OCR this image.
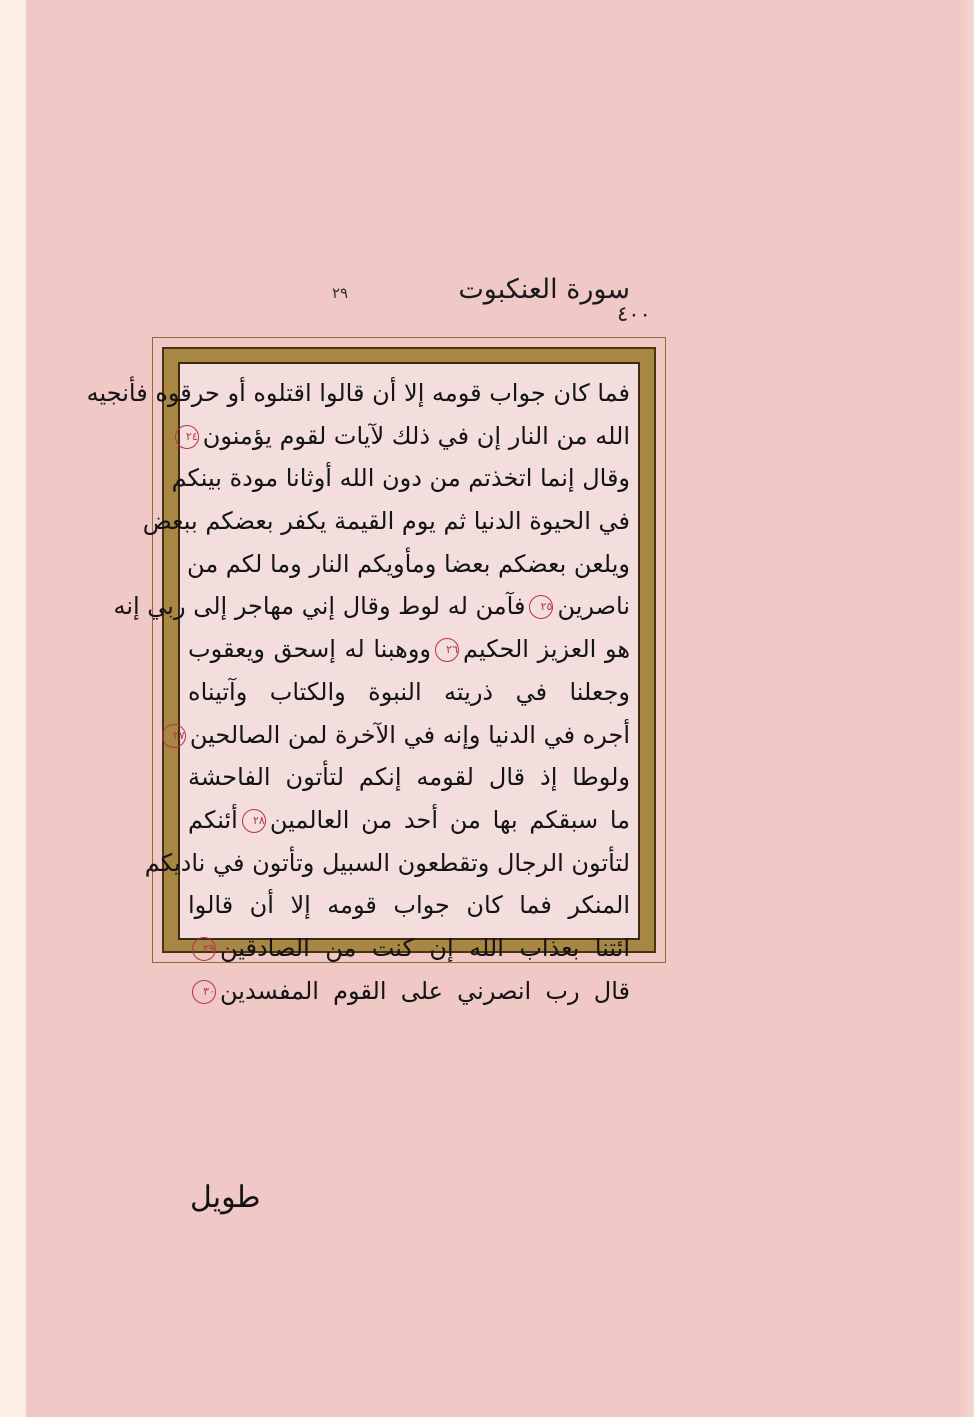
سورة العنكبوت
٢٩
٤٠٠
فما كان جواب قومه إلا أن قالوا اقتلوه أو حرقوه فأنجيه
الله من النار إن في ذلك لآيات لقوم يؤمنون٢٤
وقال إنما اتخذتم من دون الله أوثانا مودة بينكم
في الحيوة الدنيا ثم يوم القيمة يكفر بعضكم ببعض
ويلعن بعضكم بعضا ومأويكم النار وما لكم من
ناصرين٢٥فآمن له لوط وقال إني مهاجر إلى ربي إنه
هو العزيز الحكيم٢٦ووهبنا له إسحق ويعقوب
وجعلنا في ذريته النبوة والكتاب وآتيناه
أجره في الدنيا وإنه في الآخرة لمن الصالحين٢٧
ولوطا إذ قال لقومه إنكم لتأتون الفاحشة
ما سبقكم بها من أحد من العالمين٢٨أئنكم
لتأتون الرجال وتقطعون السبيل وتأتون في ناديكم
المنكر فما كان جواب قومه إلا أن قالوا
ائتنا بعذاب الله إن كنت من الصادقين٢٩
قال رب انصرني على القوم المفسدين٣٠
طويل
